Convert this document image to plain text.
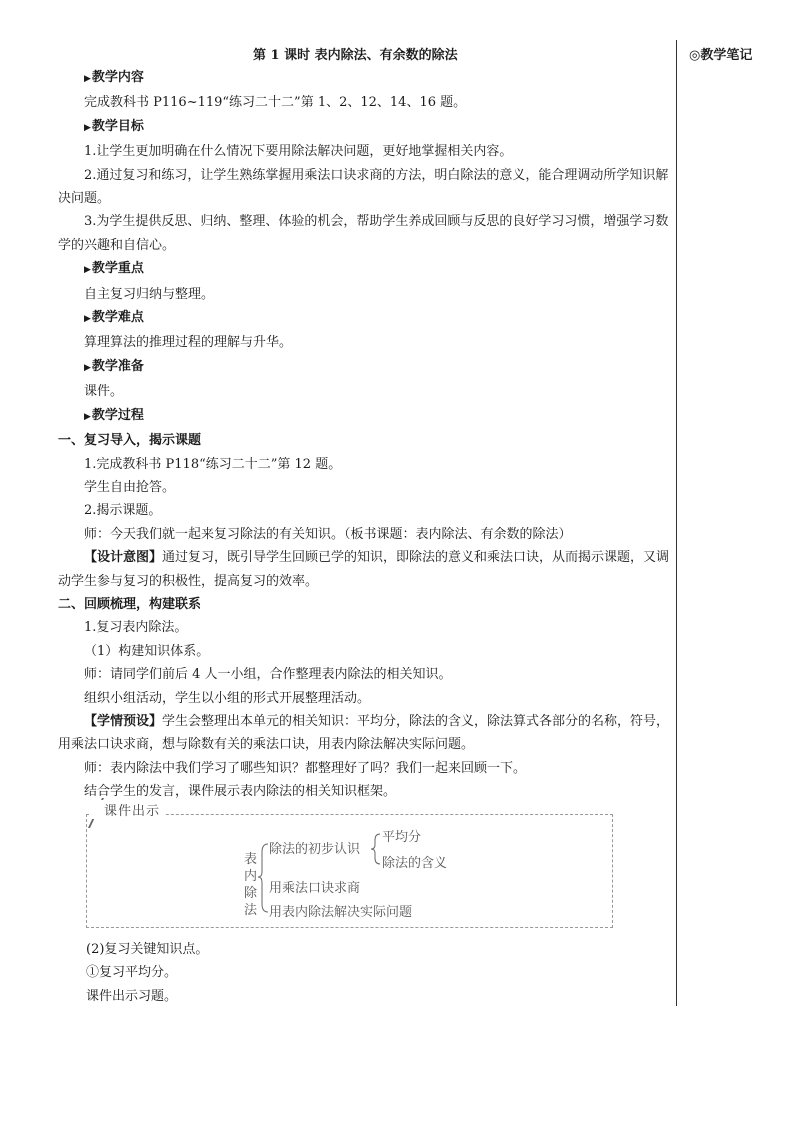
◎教学笔记
第 1 课时 表内除法、有余数的除法

▶教学内容

完成教科书 P116~119“练习二十二”第 1、2、12、14、16 题。

▶教学目标

1.让学生更加明确在什么情况下要用除法解决问题，更好地掌握相关内容。

2.通过复习和练习，让学生熟练掌握用乘法口诀求商的方法，明白除法的意义，能合理调动所学知识解决问题。

3.为学生提供反思、归纳、整理、体验的机会，帮助学生养成回顾与反思的良好学习习惯，增强学习数学的兴趣和自信心。

▶教学重点

自主复习归纳与整理。

▶教学难点

算理算法的推理过程的理解与升华。

▶教学准备

课件。

▶教学过程

一、复习导入，揭示课题

1.完成教科书 P118“练习二十二”第 12 题。

学生自由抢答。

2.揭示课题。

师：今天我们就一起来复习除法的有关知识。（板书课题：表内除法、有余数的除法）

【设计意图】通过复习，既引导学生回顾已学的知识，即除法的意义和乘法口诀，从而揭示课题，又调动学生参与复习的积极性，提高复习的效率。

二、回顾梳理，构建联系

1.复习表内除法。

（1）构建知识体系。

师：请同学们前后 4 人一小组，合作整理表内除法的相关知识。

组织小组活动，学生以小组的形式开展整理活动。

【学情预设】学生会整理出本单元的相关知识：平均分，除法的含义，除法算式各部分的名称，符号，用乘法口诀求商，想与除数有关的乘法口诀，用表内除法解决实际问题。

师：表内除法中我们学习了哪些知识？都整理好了吗？我们一起来回顾一下。

结合学生的发言，课件展示表内除法的相关知识框架。

课件出示
表
内
除
法
除法的初步认识
平均分
除法的含义
用乘法口诀求商
用表内除法解决实际问题

(2)复习关键知识点。

①复习平均分。

课件出示习题。
